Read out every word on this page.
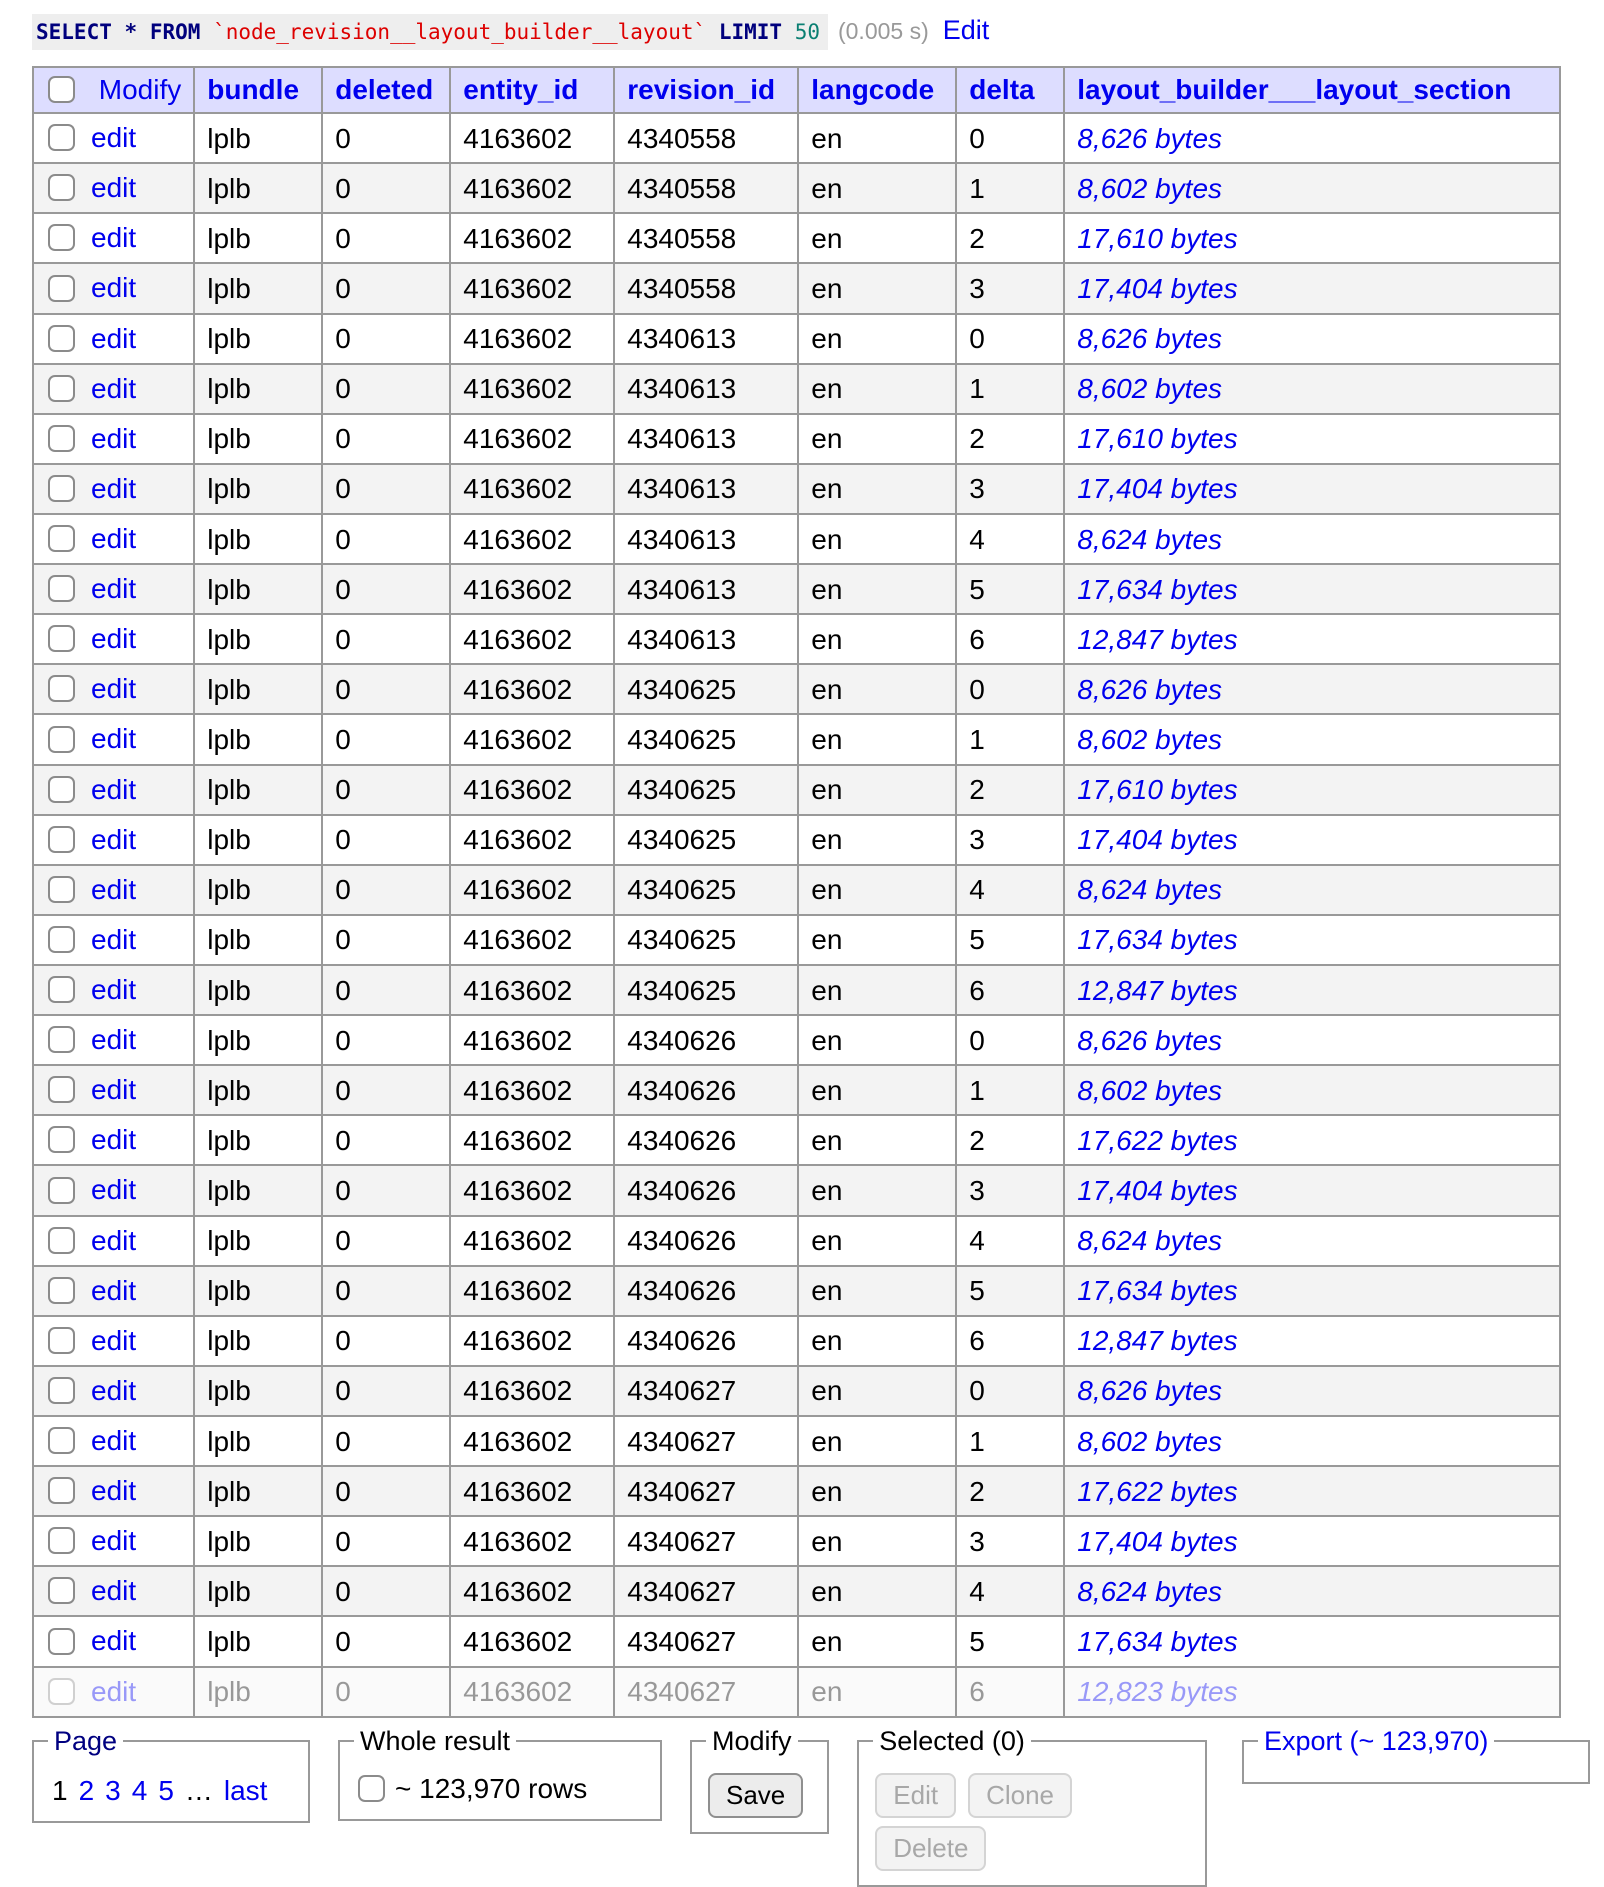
SELECT * FROM `node_revision__layout_builder__layout` LIMIT 50 (0.005 s) Edit
Modify	bundle	deleted	entity_id	revision_id	langcode	delta	layout_builder___layout_section
edit	lplb	0	4163602	4340558	en	0	8,626 bytes
edit	lplb	0	4163602	4340558	en	1	8,602 bytes
edit	lplb	0	4163602	4340558	en	2	17,610 bytes
edit	lplb	0	4163602	4340558	en	3	17,404 bytes
edit	lplb	0	4163602	4340613	en	0	8,626 bytes
edit	lplb	0	4163602	4340613	en	1	8,602 bytes
edit	lplb	0	4163602	4340613	en	2	17,610 bytes
edit	lplb	0	4163602	4340613	en	3	17,404 bytes
edit	lplb	0	4163602	4340613	en	4	8,624 bytes
edit	lplb	0	4163602	4340613	en	5	17,634 bytes
edit	lplb	0	4163602	4340613	en	6	12,847 bytes
edit	lplb	0	4163602	4340625	en	0	8,626 bytes
edit	lplb	0	4163602	4340625	en	1	8,602 bytes
edit	lplb	0	4163602	4340625	en	2	17,610 bytes
edit	lplb	0	4163602	4340625	en	3	17,404 bytes
edit	lplb	0	4163602	4340625	en	4	8,624 bytes
edit	lplb	0	4163602	4340625	en	5	17,634 bytes
edit	lplb	0	4163602	4340625	en	6	12,847 bytes
edit	lplb	0	4163602	4340626	en	0	8,626 bytes
edit	lplb	0	4163602	4340626	en	1	8,602 bytes
edit	lplb	0	4163602	4340626	en	2	17,622 bytes
edit	lplb	0	4163602	4340626	en	3	17,404 bytes
edit	lplb	0	4163602	4340626	en	4	8,624 bytes
edit	lplb	0	4163602	4340626	en	5	17,634 bytes
edit	lplb	0	4163602	4340626	en	6	12,847 bytes
edit	lplb	0	4163602	4340627	en	0	8,626 bytes
edit	lplb	0	4163602	4340627	en	1	8,602 bytes
edit	lplb	0	4163602	4340627	en	2	17,622 bytes
edit	lplb	0	4163602	4340627	en	3	17,404 bytes
edit	lplb	0	4163602	4340627	en	4	8,624 bytes
edit	lplb	0	4163602	4340627	en	5	17,634 bytes
edit	lplb	0	4163602	4340627	en	6	12,823 bytes
Page
1 2 3 4 5 … last
Whole result
~ 123,970 rows
Modify
Save
Selected (0)
Edit CloneDelete
Export (~ 123,970)
